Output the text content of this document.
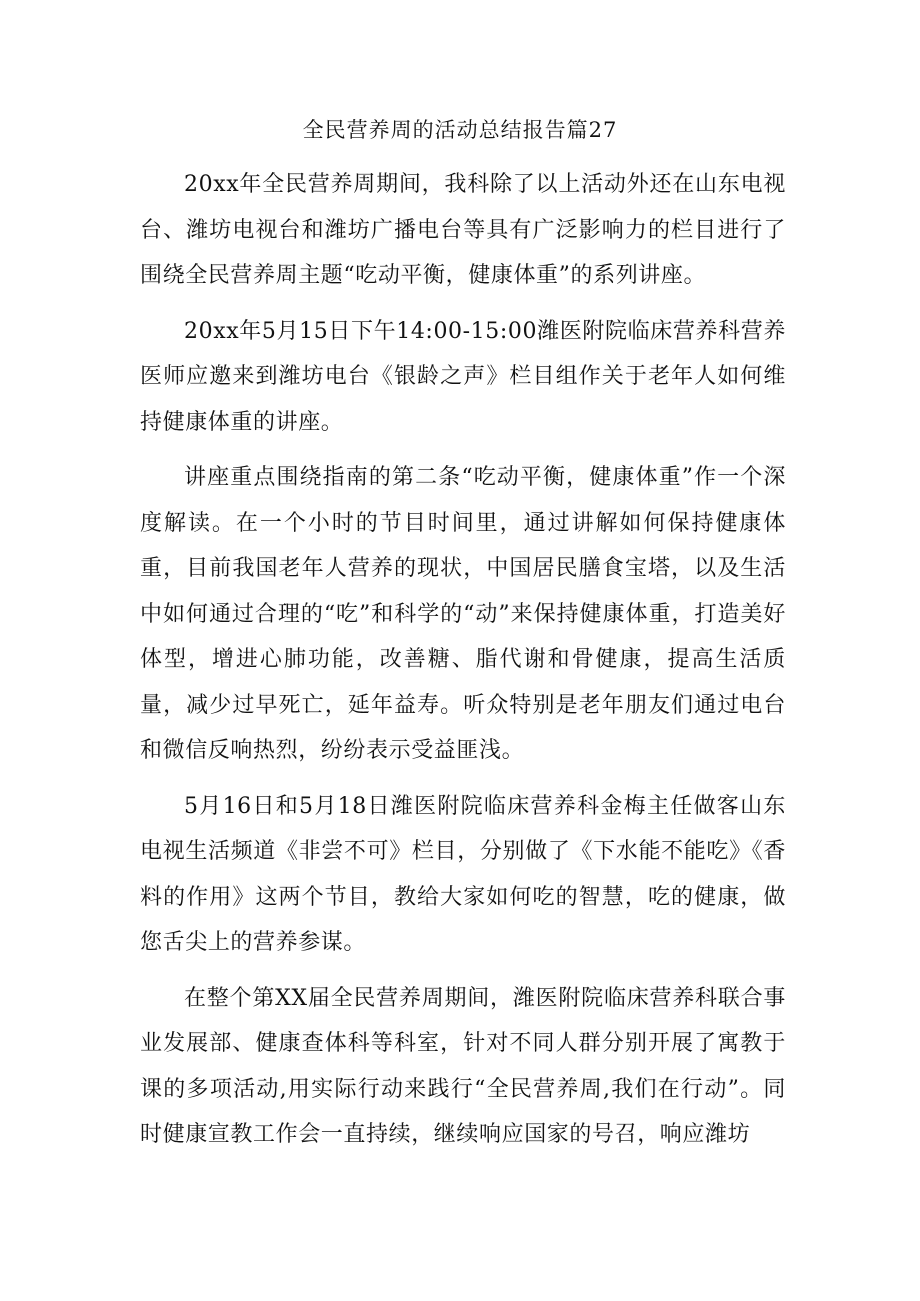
全民营养周的活动总结报告篇27

20xx年全民营养周期间，我科除了以上活动外还在山东电视台、潍坊电视台和潍坊广播电台等具有广泛影响力的栏目进行了围绕全民营养周主题“吃动平衡，健康体重”的系列讲座。

20xx年5月15日下午14:00-15:00潍医附院临床营养科营养医师应邀来到潍坊电台《银龄之声》栏目组作关于老年人如何维持健康体重的讲座。

讲座重点围绕指南的第二条“吃动平衡，健康体重”作一个深度解读。在一个小时的节目时间里，通过讲解如何保持健康体重，目前我国老年人营养的现状，中国居民膳食宝塔，以及生活中如何通过合理的“吃”和科学的“动”来保持健康体重，打造美好体型，增进心肺功能，改善糖、脂代谢和骨健康，提高生活质量，减少过早死亡，延年益寿。听众特别是老年朋友们通过电台和微信反响热烈，纷纷表示受益匪浅。

5月16日和5月18日潍医附院临床营养科金梅主任做客山东电视生活频道《非尝不可》栏目，分别做了《下水能不能吃》《香料的作用》这两个节目，教给大家如何吃的智慧，吃的健康，做您舌尖上的营养参谋。

在整个第XX届全民营养周期间，潍医附院临床营养科联合事业发展部、健康查体科等科室，针对不同人群分别开展了寓教于课的多项活动,用实际行动来践行“全民营养周,我们在行动”。同时健康宣教工作会一直持续，继续响应国家的号召，响应潍坊
